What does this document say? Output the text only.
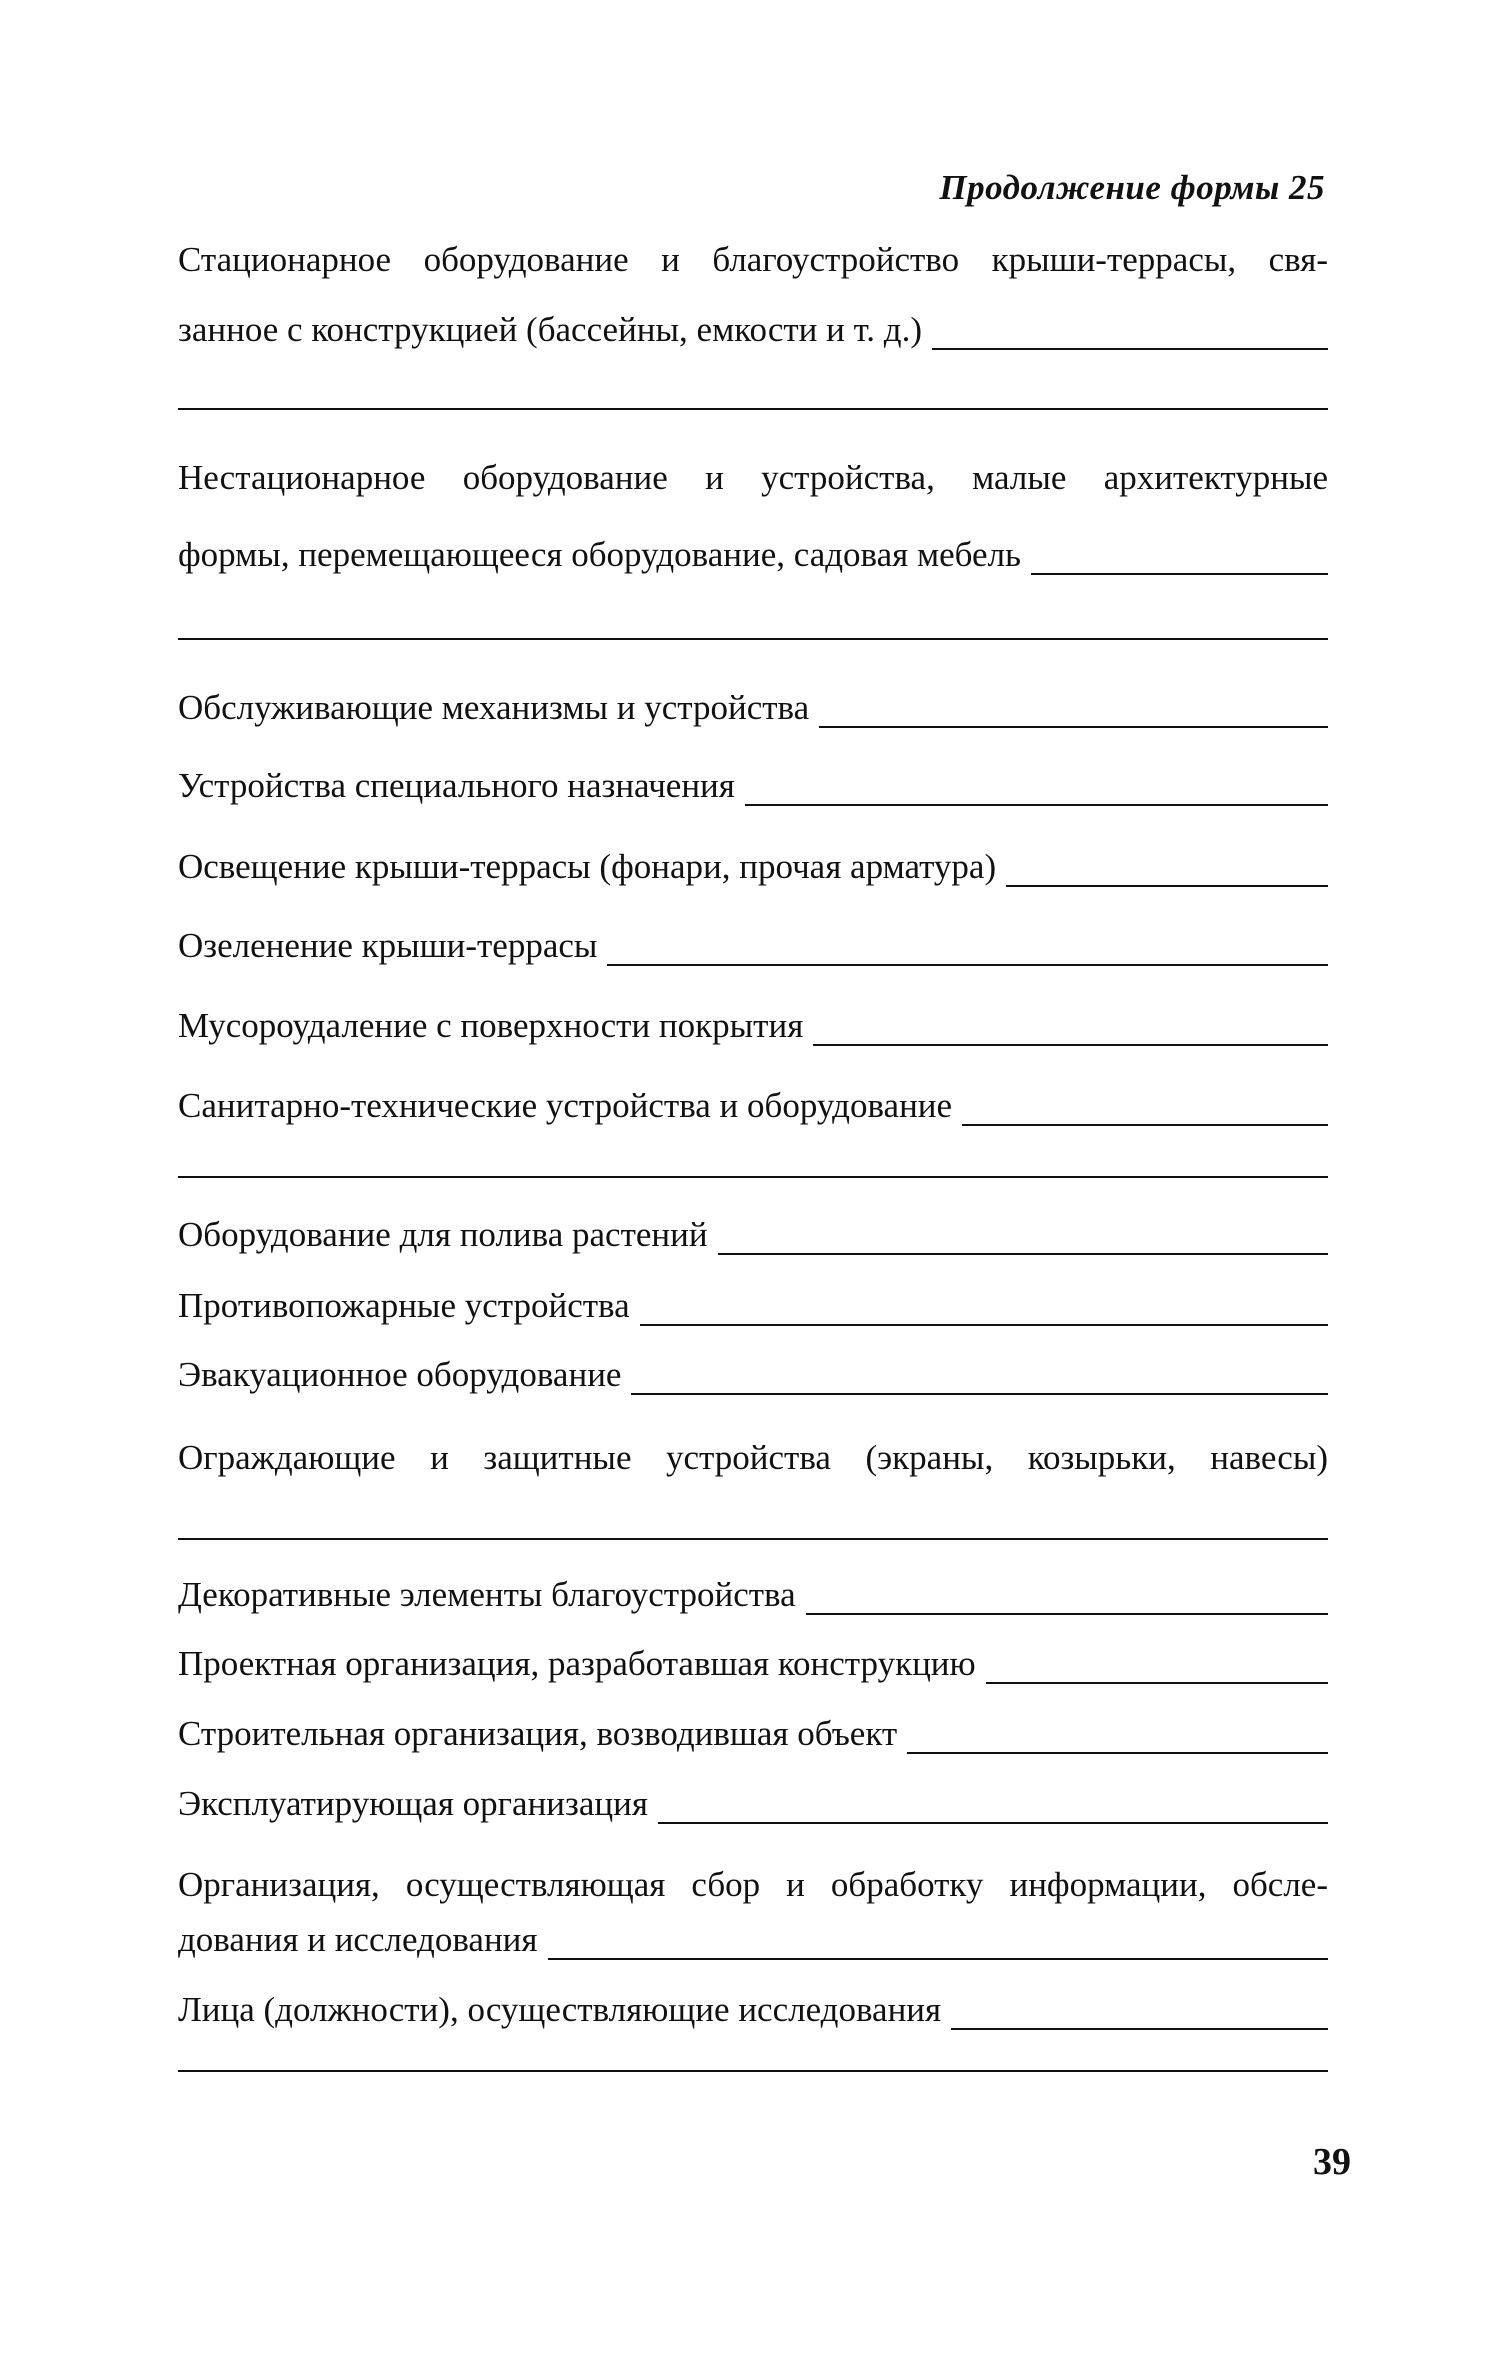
Продолжение формы 25
Стационарное оборудование и благоустройство крыши-террасы, свя-
занное с конструкцией (бассейны, емкости и т. д.)
Нестационарное оборудование и устройства, малые архитектурные
формы, перемещающееся оборудование, садовая мебель
Обслуживающие механизмы и устройства
Устройства специального назначения
Освещение крыши-террасы (фонари, прочая арматура)
Озеленение крыши-террасы
Мусороудаление с поверхности покрытия
Санитарно-технические устройства и оборудование
Оборудование для полива растений
Противопожарные устройства
Эвакуационное оборудование
Ограждающие и защитные устройства (экраны, козырьки, навесы)
Декоративные элементы благоустройства
Проектная организация, разработавшая конструкцию
Строительная организация, возводившая объект
Эксплуатирующая организация
Организация, осуществляющая сбор и обработку информации, обсле-
дования и исследования
Лица (должности), осуществляющие исследования
39
